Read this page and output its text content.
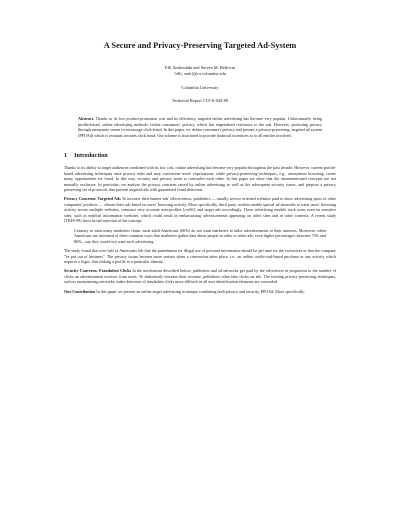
A Secure and Privacy-Preserving Targeted Ad-System

Elli Androulaki and Steven M. Bellovin

{elli, smb}@cs.columbia.edu

Columbia University

Technical Report CUCS-044-09

Abstract. Thanks to its low product-promotion cost and its efficiency, targeted online advertising has become very popular. Unfortunately, being profile-based, online advertising methods violate consumers' privacy, which has engendered resistance to the ads. However, protecting privacy through anonymity seems to encourage click-fraud. In this paper, we define consumer's privacy and present a privacy-preserving, targeted ad system (PPOAd) which is resistant towards click fraud. Our scheme is structured to provide financial incentives to to all entities involved.
1 Introduction

Thanks to its ability to target audiences combined with its low cost, online advertising has become very popular throughout the past decade. However, current profile-based advertising techniques raise privacy risks and may contravene users' expectations, while privacy-preserving techniques, e.g., anonymous browsing, create many opportunities for fraud. In this way, security and privacy seem to contradict each other. In this paper we show that the aforementioned concepts are not mutually exclusive. In particular, we analyze the privacy concerns raised by online advertising as well as the subsequent security issues, and propose a privacy preserving set of protocols that provide targeted ads with guaranteed fraud detection.

Privacy Concerns: Targeted Ads To increase their banner-ads' effectiveness, publishers — usually service oriented websites paid to show advertising spots of other companies' products — choose their ads based on users' browsing activity. More specifically, third party cookies enable special ad networks to track users' browsing activity across multiple websites, construct very accurate user-profiles [cw06], and target ads accordingly. These advertising models track users even on sensitive sites, such as medical information websites, which could result in embarrassing advertisements appearing on other sites and in other contexts. A recent study [TKH+09] show broad rejection of the concept:

Contrary to what many marketers claim, most adult Americans (66%) do not want marketers to tailor advertisements to their interests. Moreover, when Americans are informed of three common ways that marketers gather data about people in order to tailor ads, even higher percentages–between 73% and 86%—say they would not want such advertising.

The study found that over half of Americans felt that the punishment for illegal use of personal information should be jail time for the executives or that the company "be put out of business". The privacy issues become more serious when a conversion takes place, i.e., an online credit-card-based purchase or any activity which requires a login, thus linking a profile to a particular identity.

Security Concerns: Fraudulent Clicks In the mechanism described before, publishers and ad-networks get paid by the advertisers in proportion to the number of clicks an advertisement receives from users. To dishonestly increase their revenue, publishers often fake clicks on ads. The existing privacy-preserving techniques, such as anonymizing networks, make detection of fraudulent clicks more difficult as all user identification elements are concealed.

Our Contribution In this paper we present an online target advertising technique combining both privacy and security, PPOAd. More specifically,
